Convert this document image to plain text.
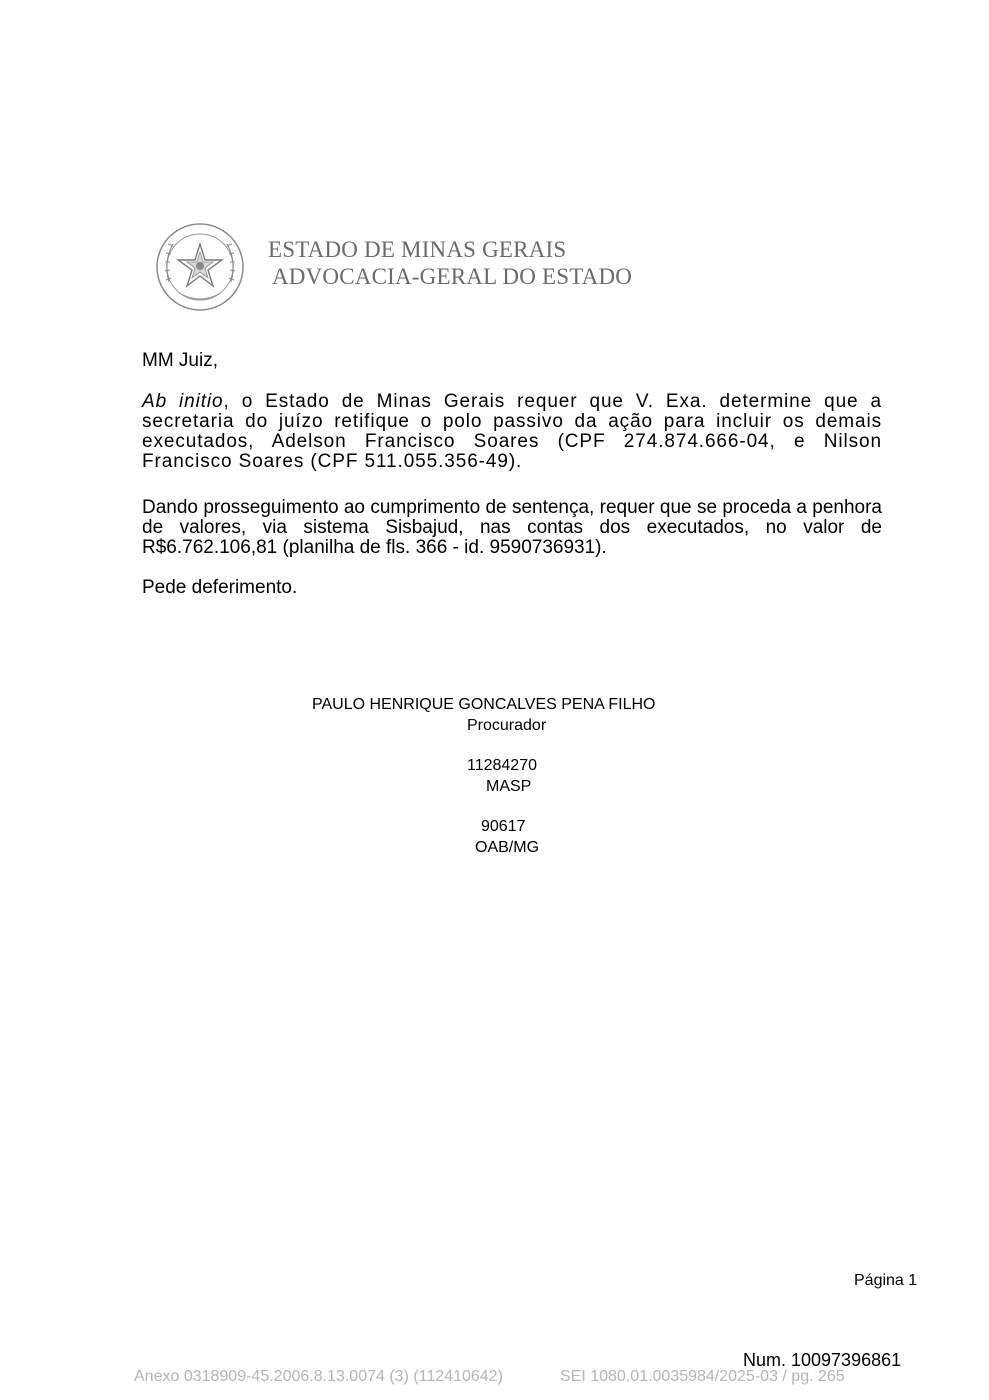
ESTADO DE MINAS GERAIS
ADVOCACIA-GERAL DO ESTADO
MM Juiz,
Ab initio, o Estado de Minas Gerais requer que V. Exa. determine que a secretaria do juízo retifique o polo passivo da ação para incluir os demais executados, Adelson Francisco Soares (CPF 274.874.666-04, e Nilson Francisco Soares (CPF 511.055.356-49).
Dando prosseguimento ao cumprimento de sentença, requer que se proceda a penhora de valores, via sistema Sisbajud, nas contas dos executados, no valor de R$6.762.106,81 (planilha de fls. 366 - id. 9590736931).
Pede deferimento.
PAULO HENRIQUE GONCALVES PENA FILHO
Procurador
11284270
MASP
90617
OAB/MG
Página 1
Num. 10097396861
Anexo 0318909-45.2006.8.13.0074 (3) (112410642)	SEI 1080.01.0035984/2025-03 / pg. 265
